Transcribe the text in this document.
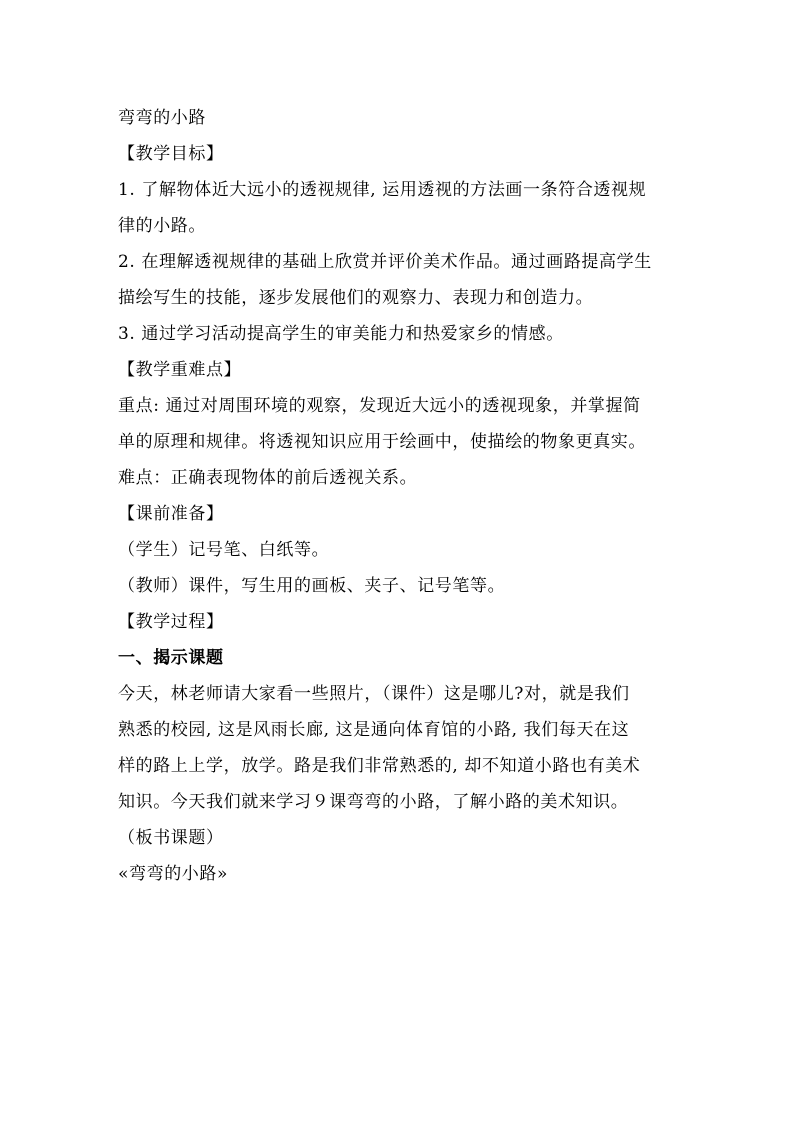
弯弯的小路

【教学目标】

1. 了解物体近大远小的透视规律, 运用透视的方法画一条符合透视规

律的小路。

2. 在理解透视规律的基础上欣赏并评价美术作品。通过画路提高学生

描绘写生的技能，逐步发展他们的观察力、表现力和创造力。

3. 通过学习活动提高学生的审美能力和热爱家乡的情感。

【教学重难点】

重点: 通过对周围环境的观察，发现近大远小的透视现象，并掌握简

单的原理和规律。将透视知识应用于绘画中，使描绘的物象更真实。

难点：正确表现物体的前后透视关系。

【课前准备】

（学生）记号笔、白纸等。

（教师）课件，写生用的画板、夹子、记号笔等。

【教学过程】

一、揭示课题

今天，林老师请大家看一些照片，（课件）这是哪儿?对，就是我们

熟悉的校园, 这是风雨长廊, 这是通向体育馆的小路, 我们每天在这

样的路上上学，放学。路是我们非常熟悉的, 却不知道小路也有美术

知识。今天我们就来学习９课弯弯的小路，了解小路的美术知识。

（板书课题）

«弯弯的小路»
